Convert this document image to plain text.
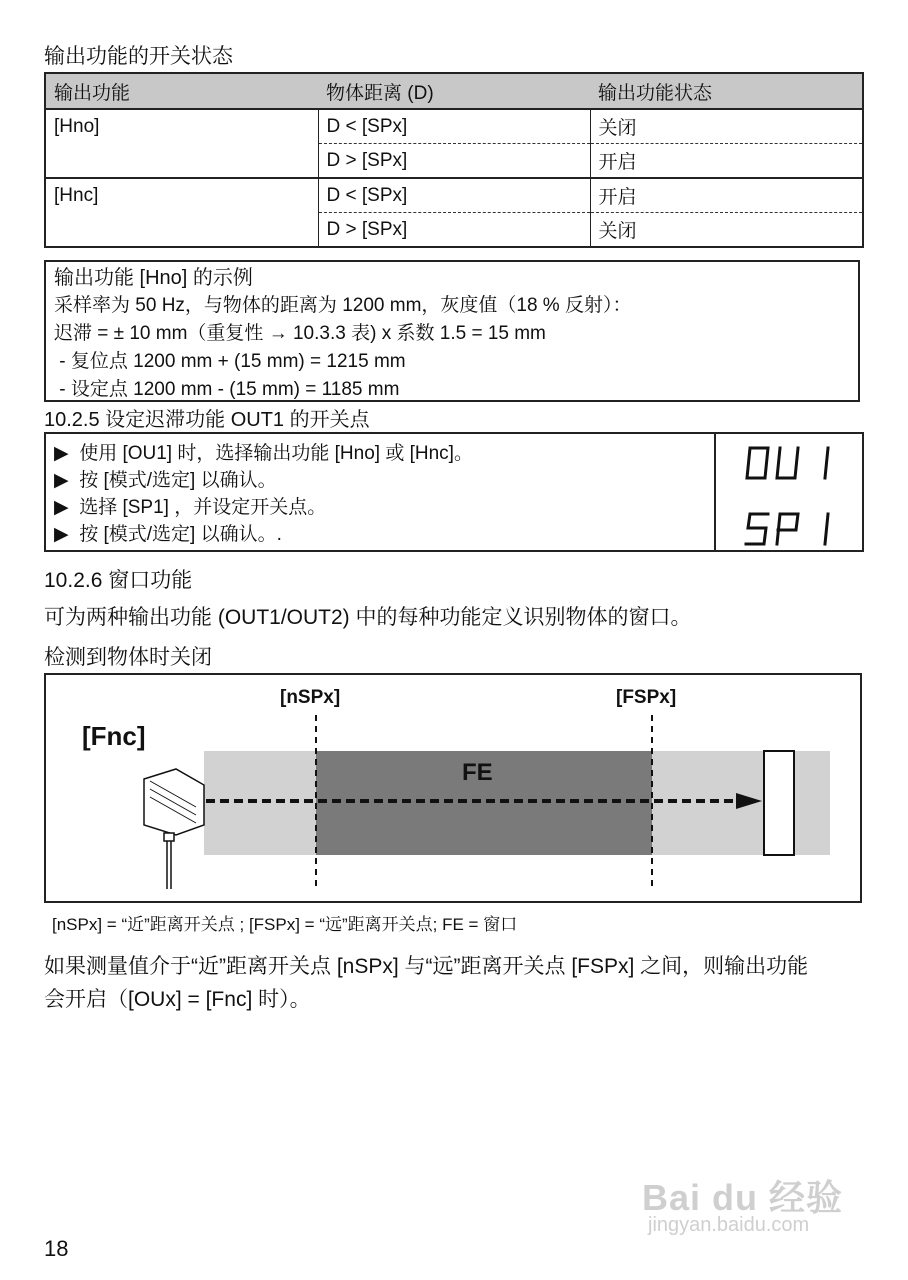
输出功能的开关状态
输出功能	物体距离 (D)	输出功能状态
[Hno]	D < [SPx]	关闭
	D > [SPx]	开启
[Hnc]	D < [SPx]	开启
	D > [SPx]	关闭
输出功能 [Hno] 的示例
采样率为 50 Hz，与物体的距离为 1200 mm，灰度值（18 % 反射）：
迟滞 = ± 10 mm（重复性 → 10.3.3 表) x 系数 1.5 = 15 mm
- 复位点 1200 mm + (15 mm) = 1215 mm
- 设定点 1200 mm - (15 mm) = 1185 mm
10.2.5 设定迟滞功能 OUT1 的开关点
▶ 使用 [OU1] 时，选择输出功能 [Hno] 或 [Hnc]。
▶ 按 [模式/选定] 以确认。
▶ 选择 [SP1] ，并设定开关点。
▶ 按 [模式/选定] 以确认。.
10.2.6 窗口功能
可为两种输出功能 (OUT1/OUT2) 中的每种功能定义识别物体的窗口。
检测到物体时关闭
[Fnc]
[nSPx]	[FSPx]
FE
[nSPx] = “近”距离开关点 ; [FSPx] = “远”距离开关点; FE = 窗口
如果测量值介于“近”距离开关点 [nSPx] 与“远”距离开关点 [FSPx] 之间，则输出功能
会开启（[OUx] = [Fnc] 时）。
Bai du 经验
jingyan.baidu.com
18
